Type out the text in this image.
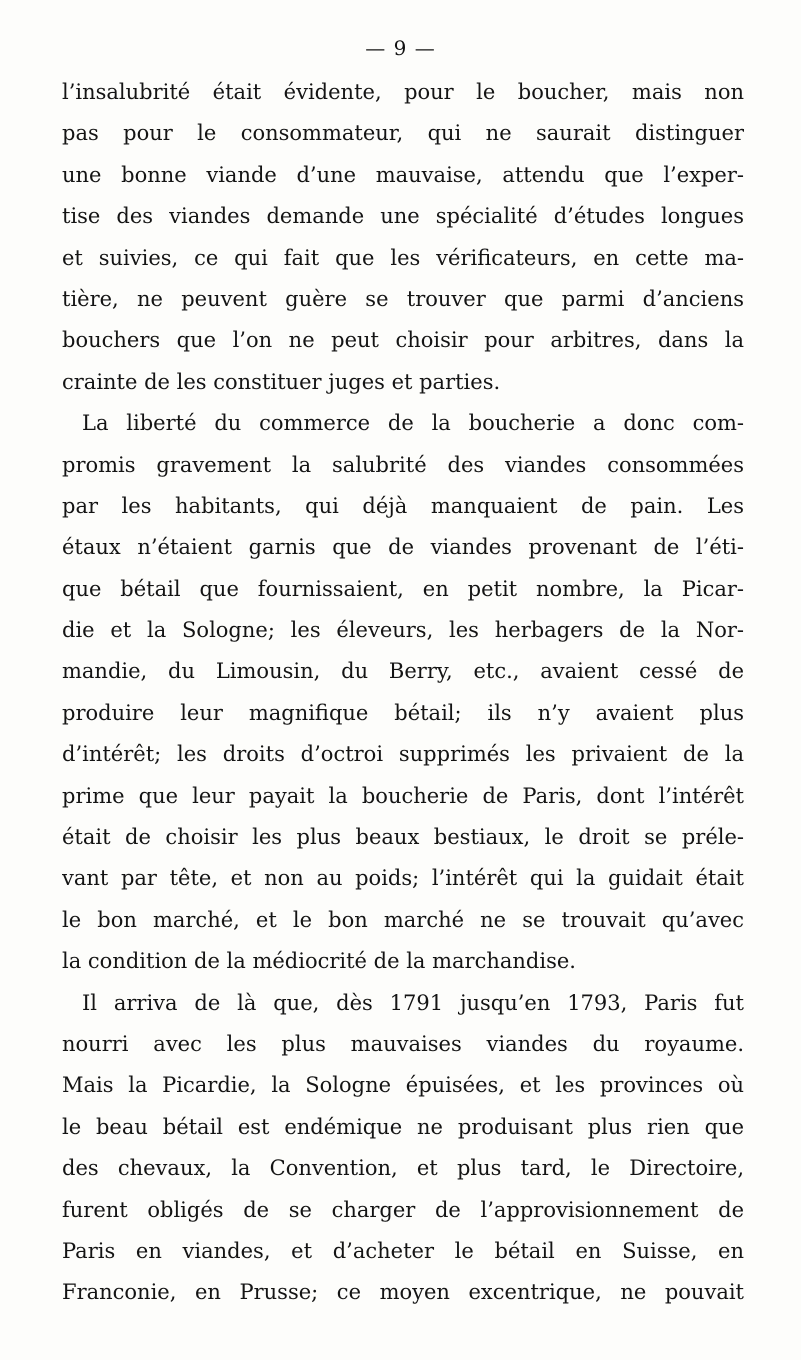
— 9 —
l’insalubrité était évidente, pour le boucher, mais non
pas pour le consommateur, qui ne saurait distinguer
une bonne viande d’une mauvaise, attendu que l’exper-
tise des viandes demande une spécialité d’études longues
et suivies, ce qui fait que les vérificateurs, en cette ma-
tière, ne peuvent guère se trouver que parmi d’anciens
bouchers que l’on ne peut choisir pour arbitres, dans la
crainte de les constituer juges et parties.
La liberté du commerce de la boucherie a donc com-
promis gravement la salubrité des viandes consommées
par les habitants, qui déjà manquaient de pain. Les
étaux n’étaient garnis que de viandes provenant de l’éti-
que bétail que fournissaient, en petit nombre, la Picar-
die et la Sologne; les éleveurs, les herbagers de la Nor-
mandie, du Limousin, du Berry, etc., avaient cessé de
produire leur magnifique bétail; ils n’y avaient plus
d’intérêt; les droits d’octroi supprimés les privaient de la
prime que leur payait la boucherie de Paris, dont l’intérêt
était de choisir les plus beaux bestiaux, le droit se préle-
vant par tête, et non au poids; l’intérêt qui la guidait était
le bon marché, et le bon marché ne se trouvait qu’avec
la condition de la médiocrité de la marchandise.
Il arriva de là que, dès 1791 jusqu’en 1793, Paris fut
nourri avec les plus mauvaises viandes du royaume.
Mais la Picardie, la Sologne épuisées, et les provinces où
le beau bétail est endémique ne produisant plus rien que
des chevaux, la Convention, et plus tard, le Directoire,
furent obligés de se charger de l’approvisionnement de
Paris en viandes, et d’acheter le bétail en Suisse, en
Franconie, en Prusse; ce moyen excentrique, ne pouvait
